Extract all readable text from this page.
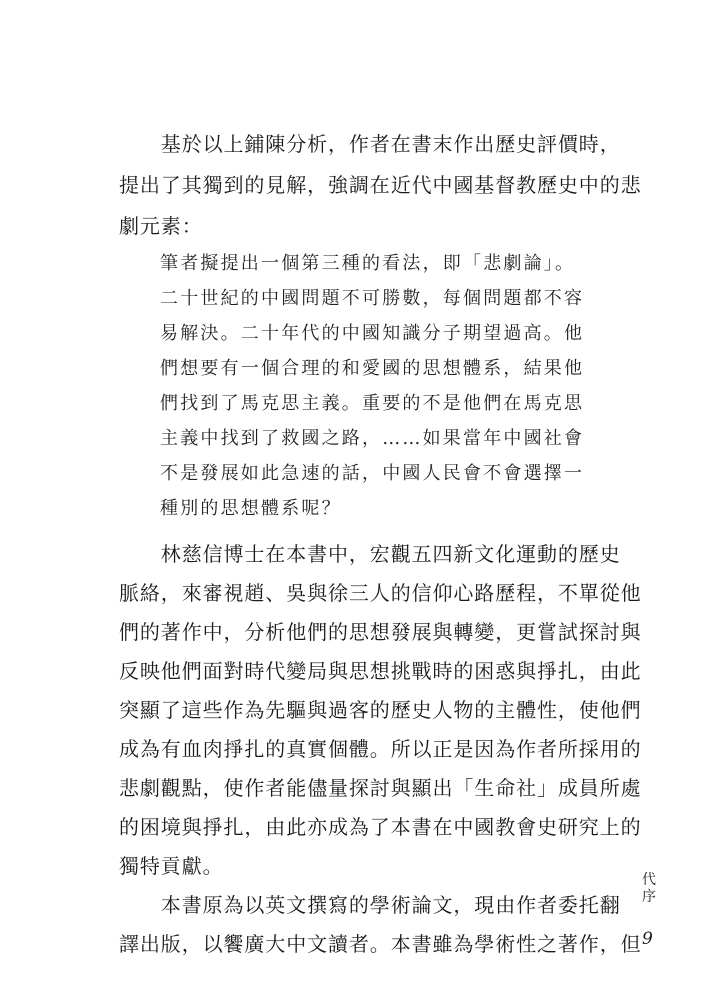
　　基於以上鋪陳分析，作者在書末作出歷史評價時，
提出了其獨到的見解，強調在近代中國基督教歷史中的悲
劇元素：
筆者擬提出一個第三種的看法，即「悲劇論」。
二十世紀的中國問題不可勝數，每個問題都不容
易解決。二十年代的中國知識分子期望過高。他
們想要有一個合理的和愛國的思想體系，結果他
們找到了馬克思主義。重要的不是他們在馬克思
主義中找到了救國之路，……如果當年中國社會
不是發展如此急速的話，中國人民會不會選擇一
種別的思想體系呢？
　　林慈信博士在本書中，宏觀五四新文化運動的歷史
脈絡，來審視趙、吳與徐三人的信仰心路歷程，不單從他
們的著作中，分析他們的思想發展與轉變，更嘗試探討與
反映他們面對時代變局與思想挑戰時的困惑與掙扎，由此
突顯了這些作為先驅與過客的歷史人物的主體性，使他們
成為有血肉掙扎的真實個體。所以正是因為作者所採用的
悲劇觀點，使作者能儘量探討與顯出「生命社」成員所處
的困境與掙扎，由此亦成為了本書在中國教會史研究上的
獨特貢獻。
　　本書原為以英文撰寫的學術論文，現由作者委托翻
譯出版，以饗廣大中文讀者。本書雖為學術性之著作，但
代序
9
